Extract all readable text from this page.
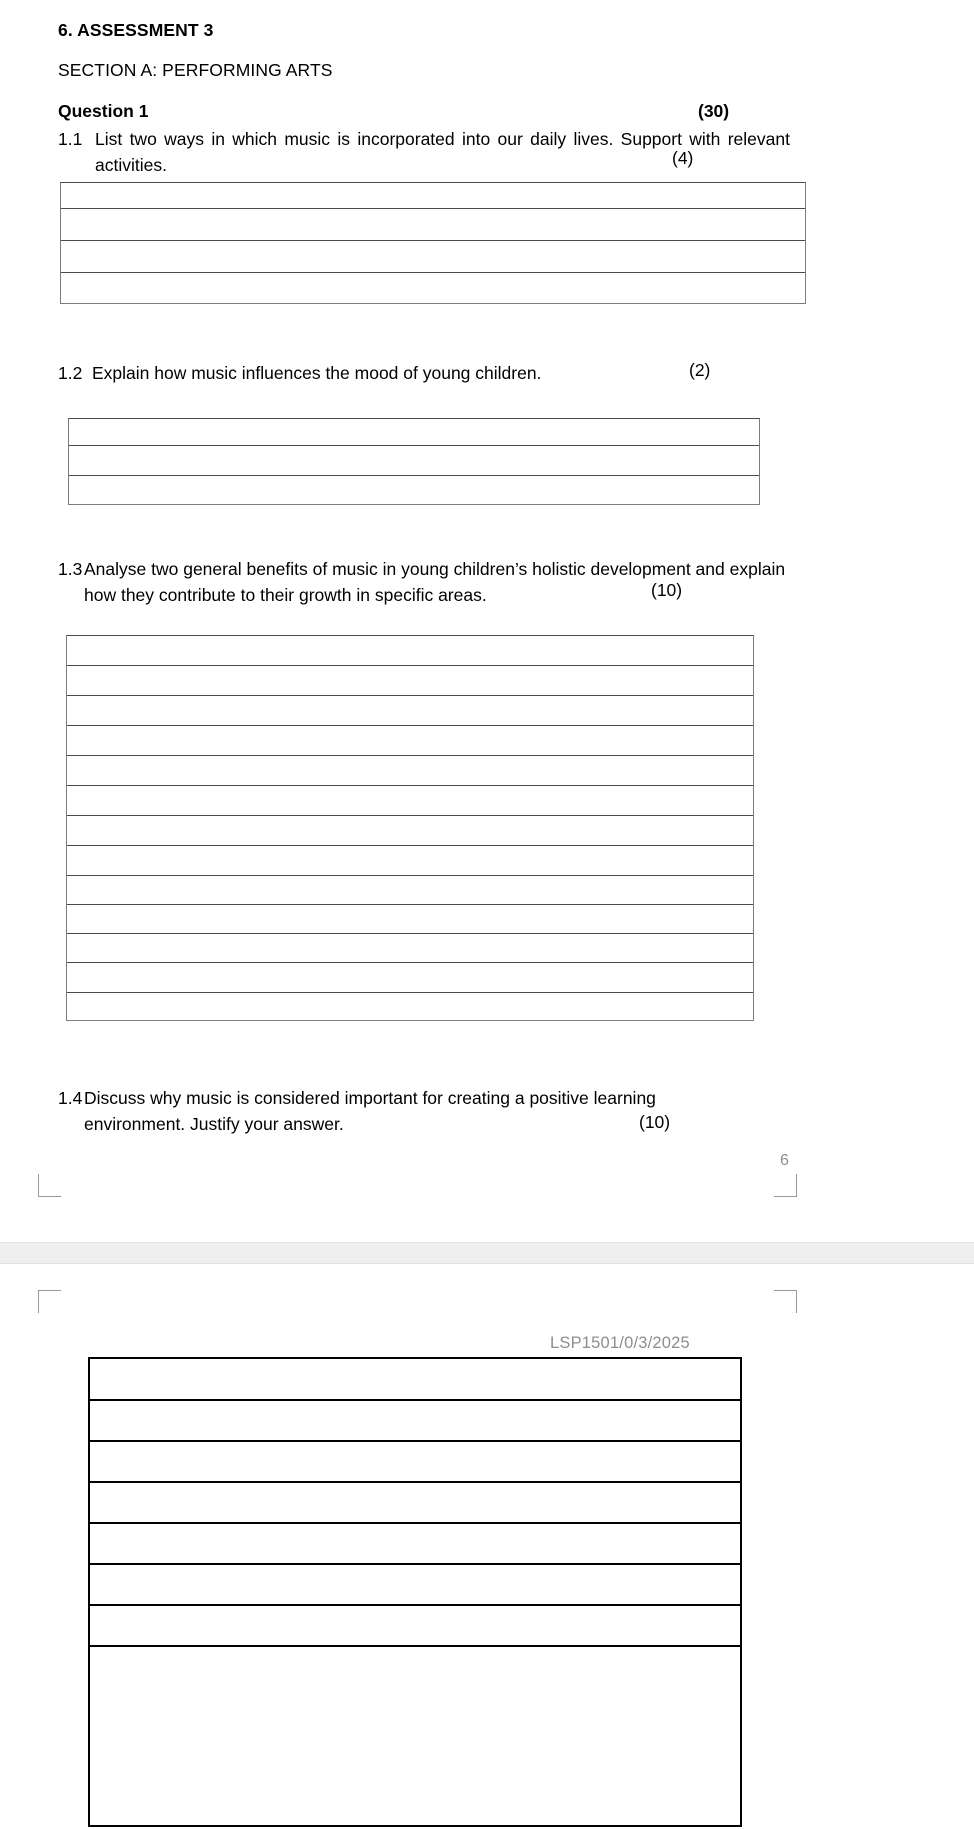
6. ASSESSMENT 3
SECTION A: PERFORMING ARTS
Question 1	(30)
1.1 List two ways in which music is incorporated into our daily lives. Support with relevant activities.	(4)
1.2 Explain how music influences the mood of young children.	(2)
1.3 Analyse two general benefits of music in young children’s holistic development and explain how they contribute to their growth in specific areas.	(10)
1.4 Discuss why music is considered important for creating a positive learning environment. Justify your answer.	(10)
6
LSP1501/0/3/2025
